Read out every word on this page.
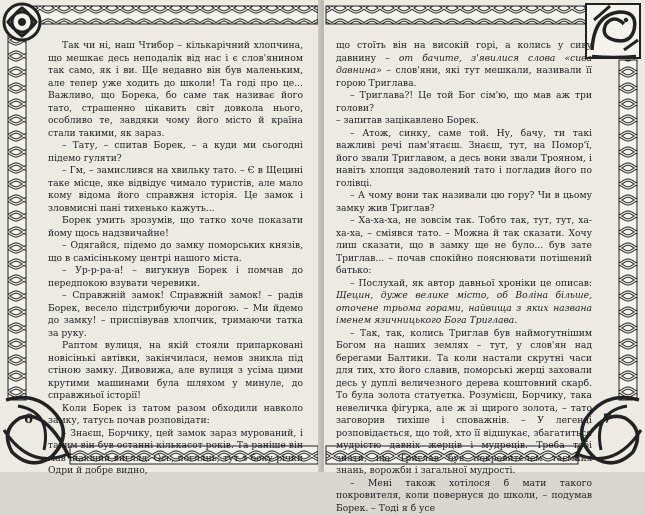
Так чи ні, наш Чтибор – кількарічний хлопчина, що мешкає десь неподалік від нас і є слов'янином так само, як і ви. Ще недавно він був маленьким, але тепер уже ходить до школи! Та годі про це... Важливо, що Борека, бо саме так називає його тато, страшенно цікавить світ довкола нього, особливо те, завдяки чому його місто й країна стали такими, як зараз.

– Тату, – спитав Борек, – а куди ми сьогодні підемо гуляти?

– Гм, – замислився на хвильку тато. – Є в Щецині таке місце, яке відвідує чимало туристів, але мало кому відома його справжня історія. Це замок і зловмисні пані тихенько кажуть...

Борек умить зрозумів, що татко хоче показати йому щось надзвичайне!

– Одягайся, підемо до замку поморських князів, що в самісінькому центрі нашого міста.

– Ур-р-ра-а! – вигукнув Борек і помчав до передпокою взувати черевики.

– Справжній замок! Справжній замок! – радів Борек, весело підстрибуючи дорогою. – Ми йдемо до замку! – приспівував хлопчик, тримаючи татка за руку.

Раптом вулиця, на якій стояли припарковані новісінькі автівки, закінчилася, немов зникла під стіною замку. Дивовижа, але вулиця з усіма цими крутими машинами була шляхом у минуле, до справжньої історії!

Коли Борек із татом разом обходили навколо замку, татусь почав розповідати:

– Знаєш, Борчику, цей замок зараз мурований, і таким він був останні кількасот років. Та раніше він мав інакший вигляд. Ось, поглянь, тут з боку річки Одри й добре видно,

6	7

що стоїть він на високій горі, а колись у сиву давнину – от бачите, з'явилися слова «сива давнина» – слов'яни, які тут мешкали, називали її горою Триглава.

– Триглава?! Це той Бог сім'ю, що мав аж три голови?

– запитав зацікавлено Борек.

– Атож, синку, саме той. Ну, бачу, ти такі важливі речі пам'ятаєш. Знаєш, тут, на Помор'ї, його звали Триглавом, а десь вони звали Трояном, і навіть хлопця задоволений тато і погладив його по голівці.

– А чому вони так називали цю гору? Чи в цьому замку жив Триглав?

– Ха-ха-ха, не зовсім так. Тобто так, тут, тут, ха-ха-ха, – сміявся тато. – Можна й так сказати. Хочу лиш сказати, що в замку ще не було... був зате Триглав... – почав спокійно пояснювати потішений батько:

– Послухай, як автор давньої хроніки це описав: Щецин, дуже велике місто, об Воліна більше, оточене трьома горами, найвища з яких названа іменем язичницького Бога Триглава.

– Так, так, колись Триглав був наймогутнішим Богом на наших землях – тут, у слов'ян над берегами Балтики. Та коли настали скрутні часи для тих, хто його славив, поморські жерці заховали десь у дуплі величезного дерева коштовний скарб. То була золота статуетка. Розумієш, Борчику, така невеличка фігурка, але ж зі щирого золота, – тато заговорив тихіше і споважнів. – У легенді розповідається, що той, хто її відшукає, збагатиться мудрістю давніх жерців і мудреців. Треба тобі знати, що Триглав був покровителем таємних знань, ворожби і загальної мудрості.

– Мені також хотілося б мати такого покровителя, коли повернуся до школи, – подумав Борек. – Тоді я б усе
